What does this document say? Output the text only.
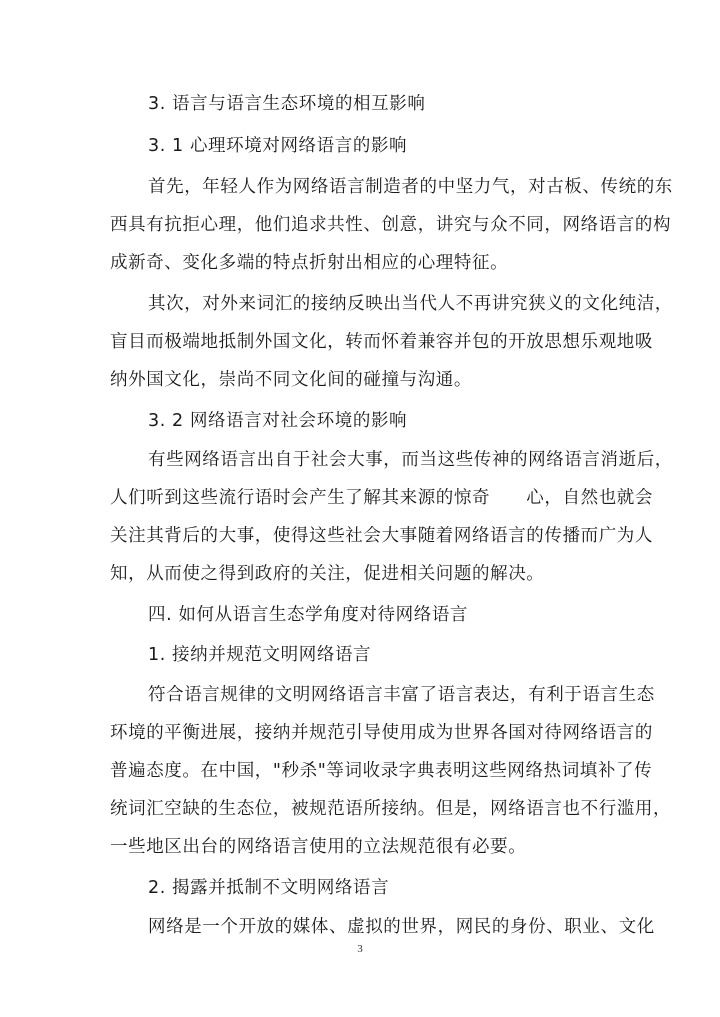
3. 语言与语言生态环境的相互影响
3. 1 心理环境对网络语言的影响
首先，年轻人作为网络语言制造者的中坚力气，对古板、传统的东
西具有抗拒心理，他们追求共性、创意，讲究与众不同，网络语言的构
成新奇、变化多端的特点折射出相应的心理特征。
其次，对外来词汇的接纳反映出当代人不再讲究狭义的文化纯洁，
盲目而极端地抵制外国文化，转而怀着兼容并包的开放思想乐观地吸
纳外国文化，崇尚不同文化间的碰撞与沟通。
3. 2 网络语言对社会环境的影响
有些网络语言出自于社会大事，而当这些传神的网络语言消逝后，
人们听到这些流行语时会产生了解其来源的惊奇　　心，自然也就会
关注其背后的大事，使得这些社会大事随着网络语言的传播而广为人
知，从而使之得到政府的关注，促进相关问题的解决。
四. 如何从语言生态学角度对待网络语言
1. 接纳并规范文明网络语言
符合语言规律的文明网络语言丰富了语言表达，有利于语言生态
环境的平衡进展，接纳并规范引导使用成为世界各国对待网络语言的
普遍态度。在中国，"秒杀"等词收录字典表明这些网络热词填补了传
统词汇空缺的生态位，被规范语所接纳。但是，网络语言也不行滥用，
一些地区出台的网络语言使用的立法规范很有必要。
2. 揭露并抵制不文明网络语言
网络是一个开放的媒体、虚拟的世界，网民的身份、职业、文化
3
